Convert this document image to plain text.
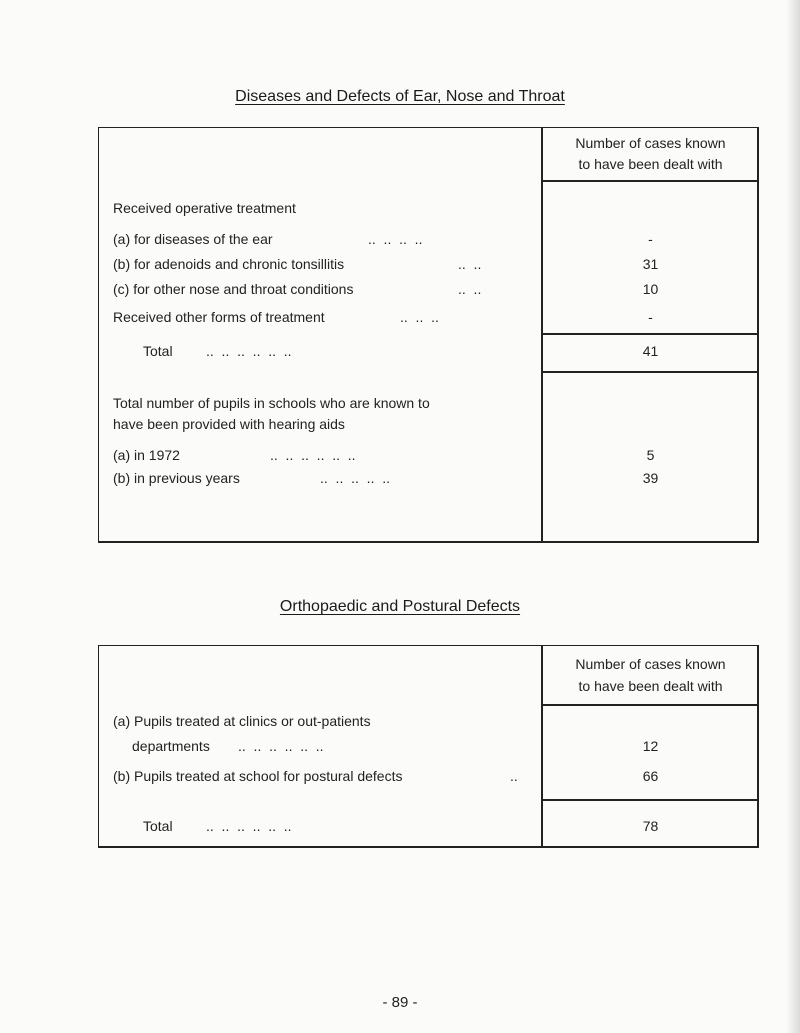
Diseases and Defects of Ear, Nose and Throat
Number of cases known
to have been dealt with
Received operative treatment
(a) for diseases of the ear	..  ..  ..  ..	-
(b) for adenoids and chronic tonsillitis	..  ..	31
(c) for other nose and throat conditions	..  ..	10
Received other forms of treatment	..  ..  ..	-
Total ..  ..  ..  ..  ..  ..	41
Total number of pupils in schools who are known to
have been provided with hearing aids
(a) in 1972	..  ..  ..  ..  ..  ..	5
(b) in previous years	..  ..  ..  ..  ..	39
Orthopaedic and Postural Defects
Number of cases known
to have been dealt with
(a) Pupils treated at clinics or out-patients
departments ..  ..  ..  ..  ..  ..	12
(b) Pupils treated at school for postural defects	..	66
Total ..  ..  ..  ..  ..  ..	78
- 89 -
